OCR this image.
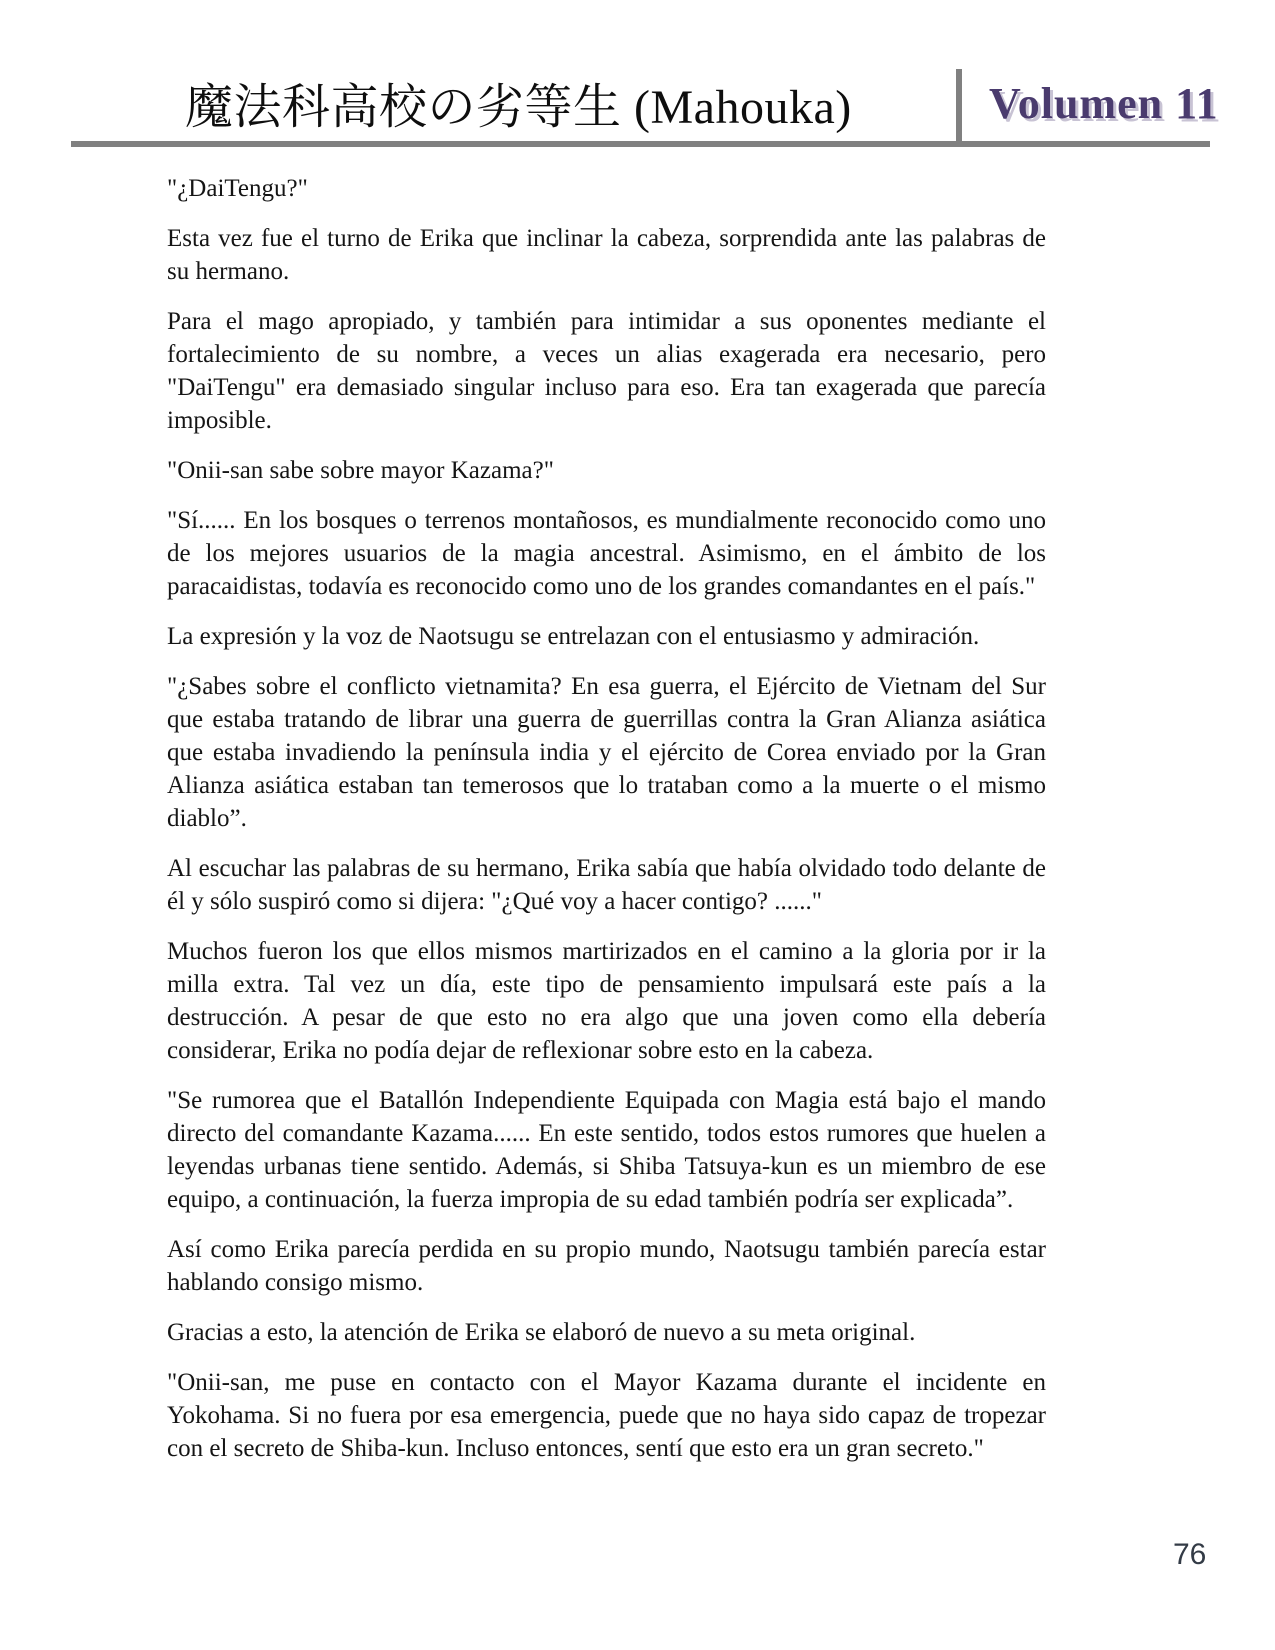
魔法科高校の劣等生 (Mahouka)	Volumen 11

"¿DaiTengu?"

Esta vez fue el turno de Erika que inclinar la cabeza, sorprendida ante las palabras de su hermano.

Para el mago apropiado, y también para intimidar a sus oponentes mediante el fortalecimiento de su nombre, a veces un alias exagerada era necesario, pero "DaiTengu" era demasiado singular incluso para eso. Era tan exagerada que parecía imposible.

"Onii-san sabe sobre mayor Kazama?"

"Sí...... En los bosques o terrenos montañosos, es mundialmente reconocido como uno de los mejores usuarios de la magia ancestral. Asimismo, en el ámbito de los paracaidistas, todavía es reconocido como uno de los grandes comandantes en el país."

La expresión y la voz de Naotsugu se entrelazan con el entusiasmo y admiración.

"¿Sabes sobre el conflicto vietnamita? En esa guerra, el Ejército de Vietnam del Sur que estaba tratando de librar una guerra de guerrillas contra la Gran Alianza asiática que estaba invadiendo la península india y el ejército de Corea enviado por la Gran Alianza asiática estaban tan temerosos que lo trataban como a la muerte o el mismo diablo”.

Al escuchar las palabras de su hermano, Erika sabía que había olvidado todo delante de él y sólo suspiró como si dijera: "¿Qué voy a hacer contigo? ......"

Muchos fueron los que ellos mismos martirizados en el camino a la gloria por ir la milla extra. Tal vez un día, este tipo de pensamiento impulsará este país a la destrucción. A pesar de que esto no era algo que una joven como ella debería considerar, Erika no podía dejar de reflexionar sobre esto en la cabeza.

"Se rumorea que el Batallón Independiente Equipada con Magia está bajo el mando directo del comandante Kazama...... En este sentido, todos estos rumores que huelen a leyendas urbanas tiene sentido. Además, si Shiba Tatsuya-kun es un miembro de ese equipo, a continuación, la fuerza impropia de su edad también podría ser explicada”.

Así como Erika parecía perdida en su propio mundo, Naotsugu también parecía estar hablando consigo mismo.

Gracias a esto, la atención de Erika se elaboró de nuevo a su meta original.

"Onii-san, me puse en contacto con el Mayor Kazama durante el incidente en Yokohama. Si no fuera por esa emergencia, puede que no haya sido capaz de tropezar con el secreto de Shiba-kun. Incluso entonces, sentí que esto era un gran secreto."

76
